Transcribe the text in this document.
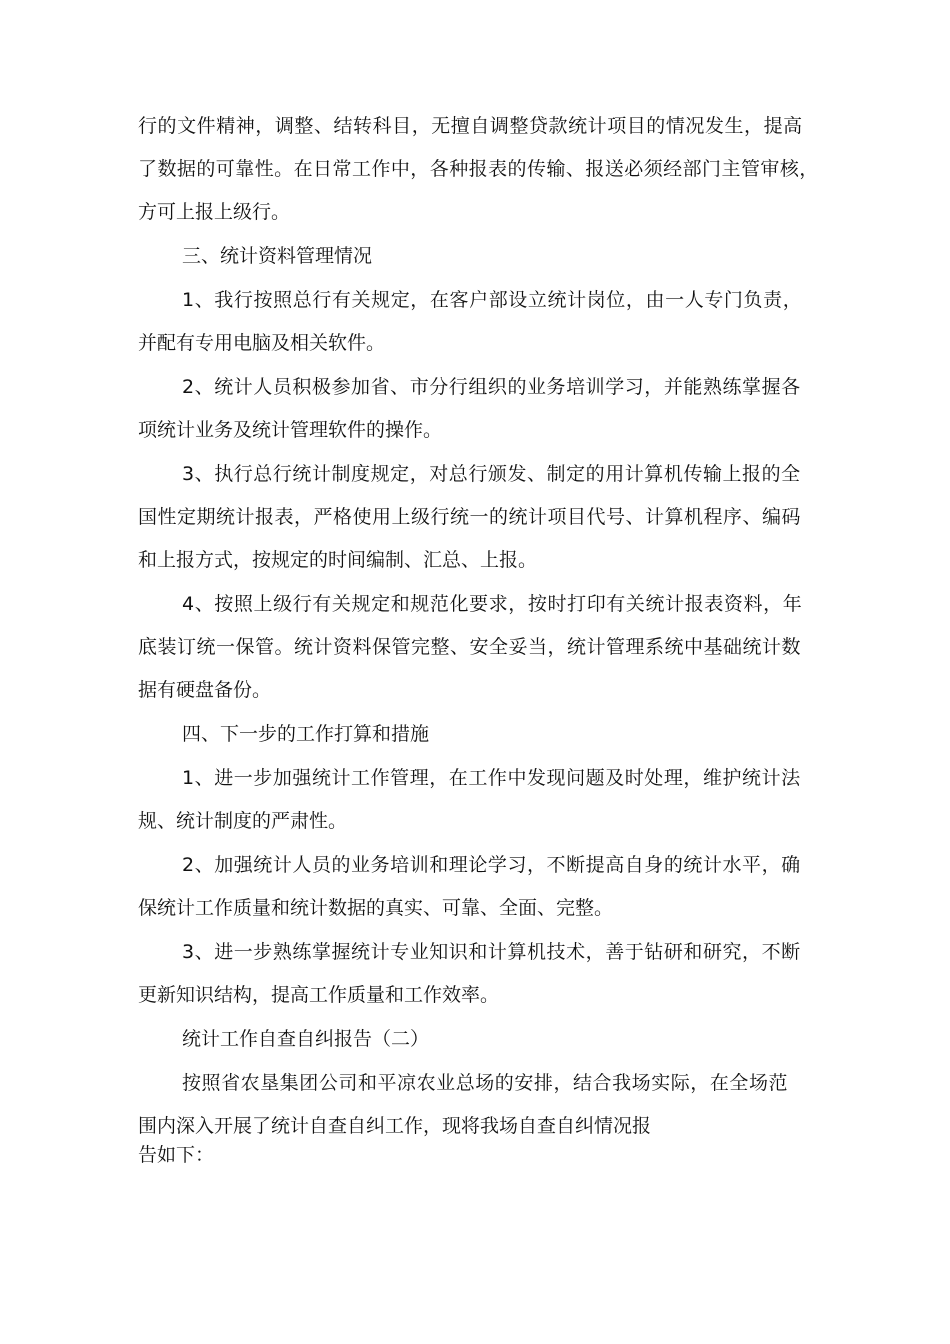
行的文件精神，调整、结转科目，无擅自调整贷款统计项目的情况发生，提高
了数据的可靠性。在日常工作中，各种报表的传输、报送必须经部门主管审核，
方可上报上级行。
三、统计资料管理情况
1、我行按照总行有关规定，在客户部设立统计岗位，由一人专门负责，
并配有专用电脑及相关软件。
2、统计人员积极参加省、市分行组织的业务培训学习，并能熟练掌握各
项统计业务及统计管理软件的操作。
3、执行总行统计制度规定，对总行颁发、制定的用计算机传输上报的全
国性定期统计报表，严格使用上级行统一的统计项目代号、计算机程序、编码
和上报方式，按规定的时间编制、汇总、上报。
4、按照上级行有关规定和规范化要求，按时打印有关统计报表资料，年
底装订统一保管。统计资料保管完整、安全妥当，统计管理系统中基础统计数
据有硬盘备份。
四、下一步的工作打算和措施
1、进一步加强统计工作管理，在工作中发现问题及时处理，维护统计法
规、统计制度的严肃性。
2、加强统计人员的业务培训和理论学习，不断提高自身的统计水平，确
保统计工作质量和统计数据的真实、可靠、全面、完整。
3、进一步熟练掌握统计专业知识和计算机技术，善于钻研和研究，不断
更新知识结构，提高工作质量和工作效率。
统计工作自查自纠报告（二）
按照省农垦集团公司和平凉农业总场的安排，结合我场实际，在全场范
围内深入开展了统计自查自纠工作，现将我场自查自纠情况报
告如下：
